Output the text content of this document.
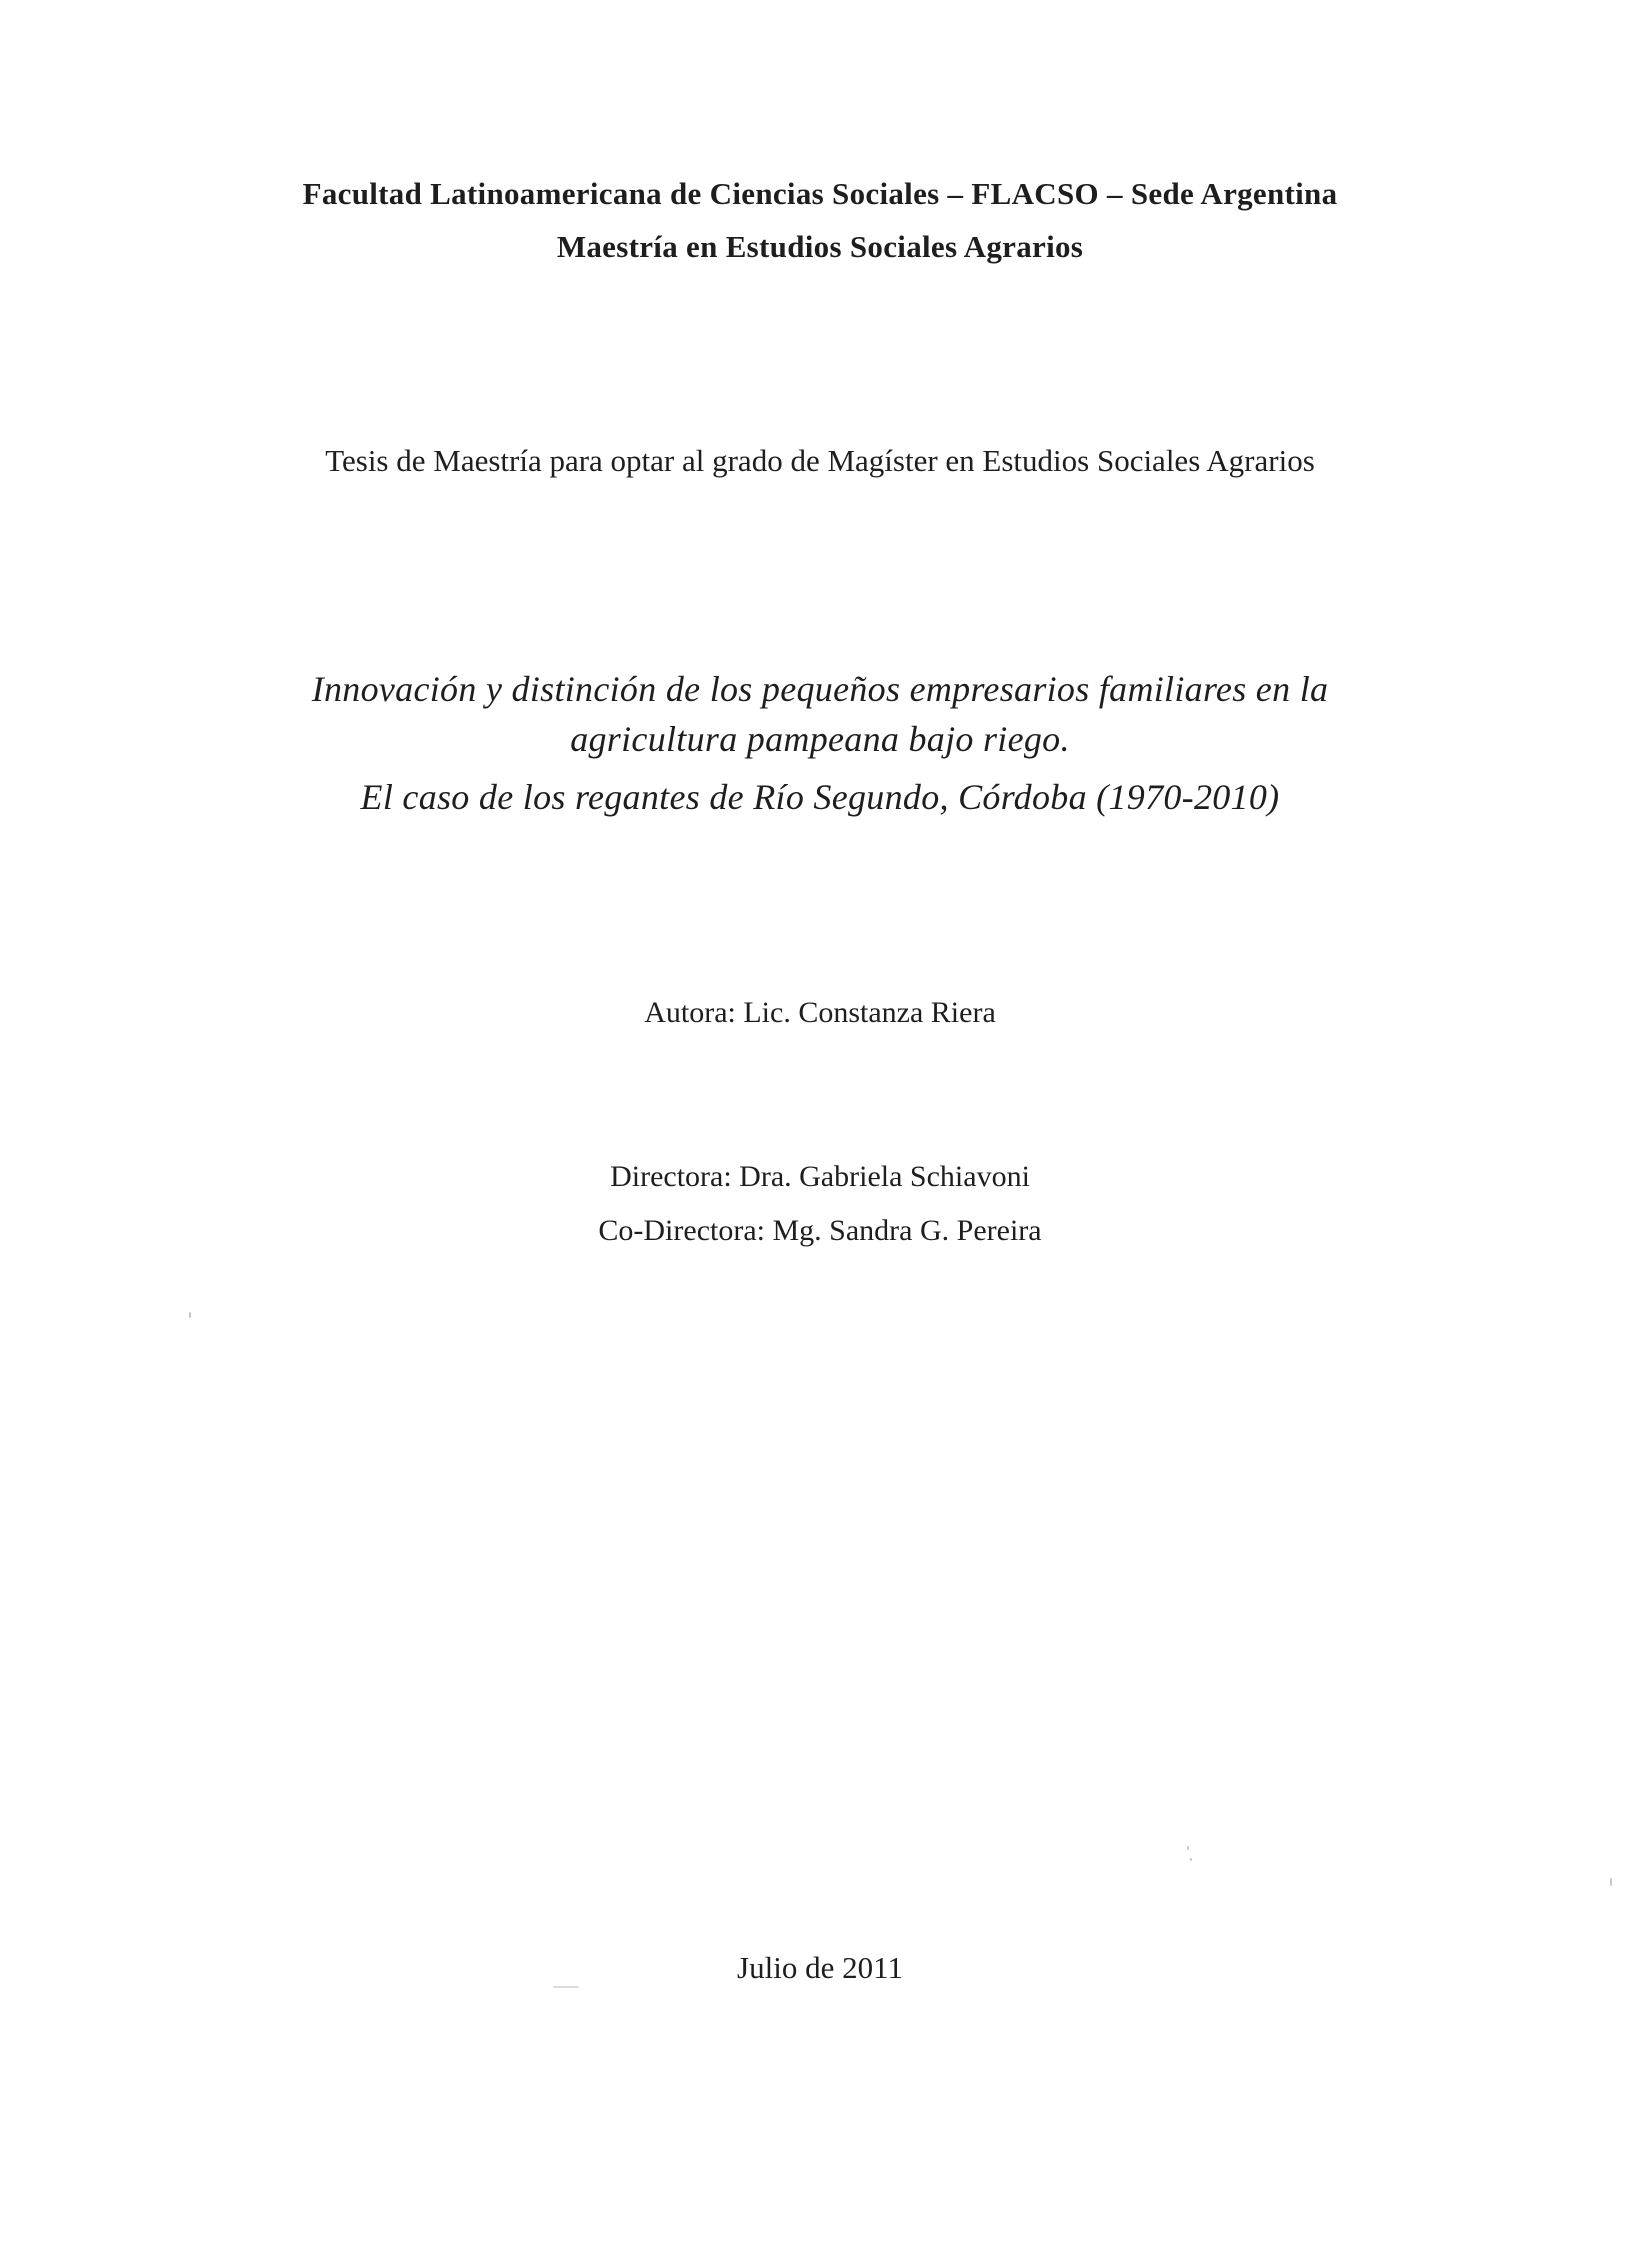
Facultad Latinoamericana de Ciencias Sociales – FLACSO – Sede Argentina
Maestría en Estudios Sociales Agrarios
Tesis de Maestría para optar al grado de Magíster en Estudios Sociales Agrarios
Innovación y distinción de los pequeños empresarios familiares en la
agricultura pampeana bajo riego.
El caso de los regantes de Río Segundo, Córdoba (1970-2010)
Autora: Lic. Constanza Riera
Directora: Dra. Gabriela Schiavoni
Co-Directora: Mg. Sandra G. Pereira
Julio de 2011
